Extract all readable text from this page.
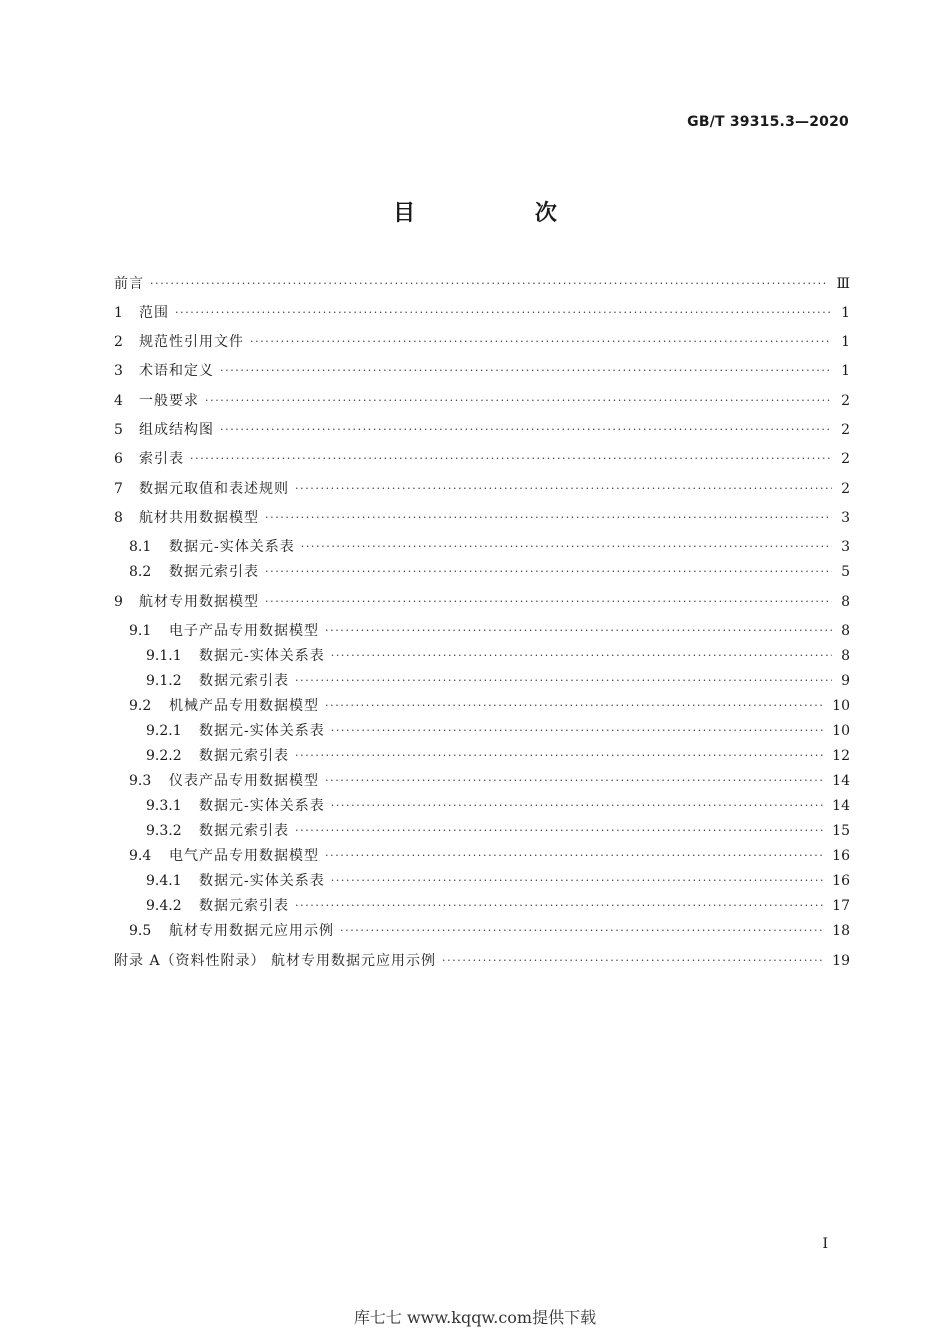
GB/T 39315.3—2020
目 次
前言 ·····	Ⅲ
1	范围 ·····	1
2	规范性引用文件 ·····	1
3	术语和定义 ·····	1
4	一般要求 ·····	2
5	组成结构图 ·····	2
6	索引表 ·····	2
7	数据元取值和表述规则 ·····	2
8	航材共用数据模型 ·····	3
8.1	数据元-实体关系表 ·····	3
8.2	数据元索引表 ·····	5
9	航材专用数据模型 ·····	8
9.1	电子产品专用数据模型 ·····	8
9.1.1	数据元-实体关系表 ·····	8
9.1.2	数据元索引表 ·····	9
9.2	机械产品专用数据模型 ·····	10
9.2.1	数据元-实体关系表 ·····	10
9.2.2	数据元索引表 ·····	12
9.3	仪表产品专用数据模型 ·····	14
9.3.1	数据元-实体关系表 ·····	14
9.3.2	数据元索引表 ·····	15
9.4	电气产品专用数据模型 ·····	16
9.4.1	数据元-实体关系表 ·····	16
9.4.2	数据元索引表 ·····	17
9.5	航材专用数据元应用示例 ·····	18
附录 A（资料性附录） 航材专用数据元应用示例 ·····	19
I
库七七 www.kqqw.com提供下载
